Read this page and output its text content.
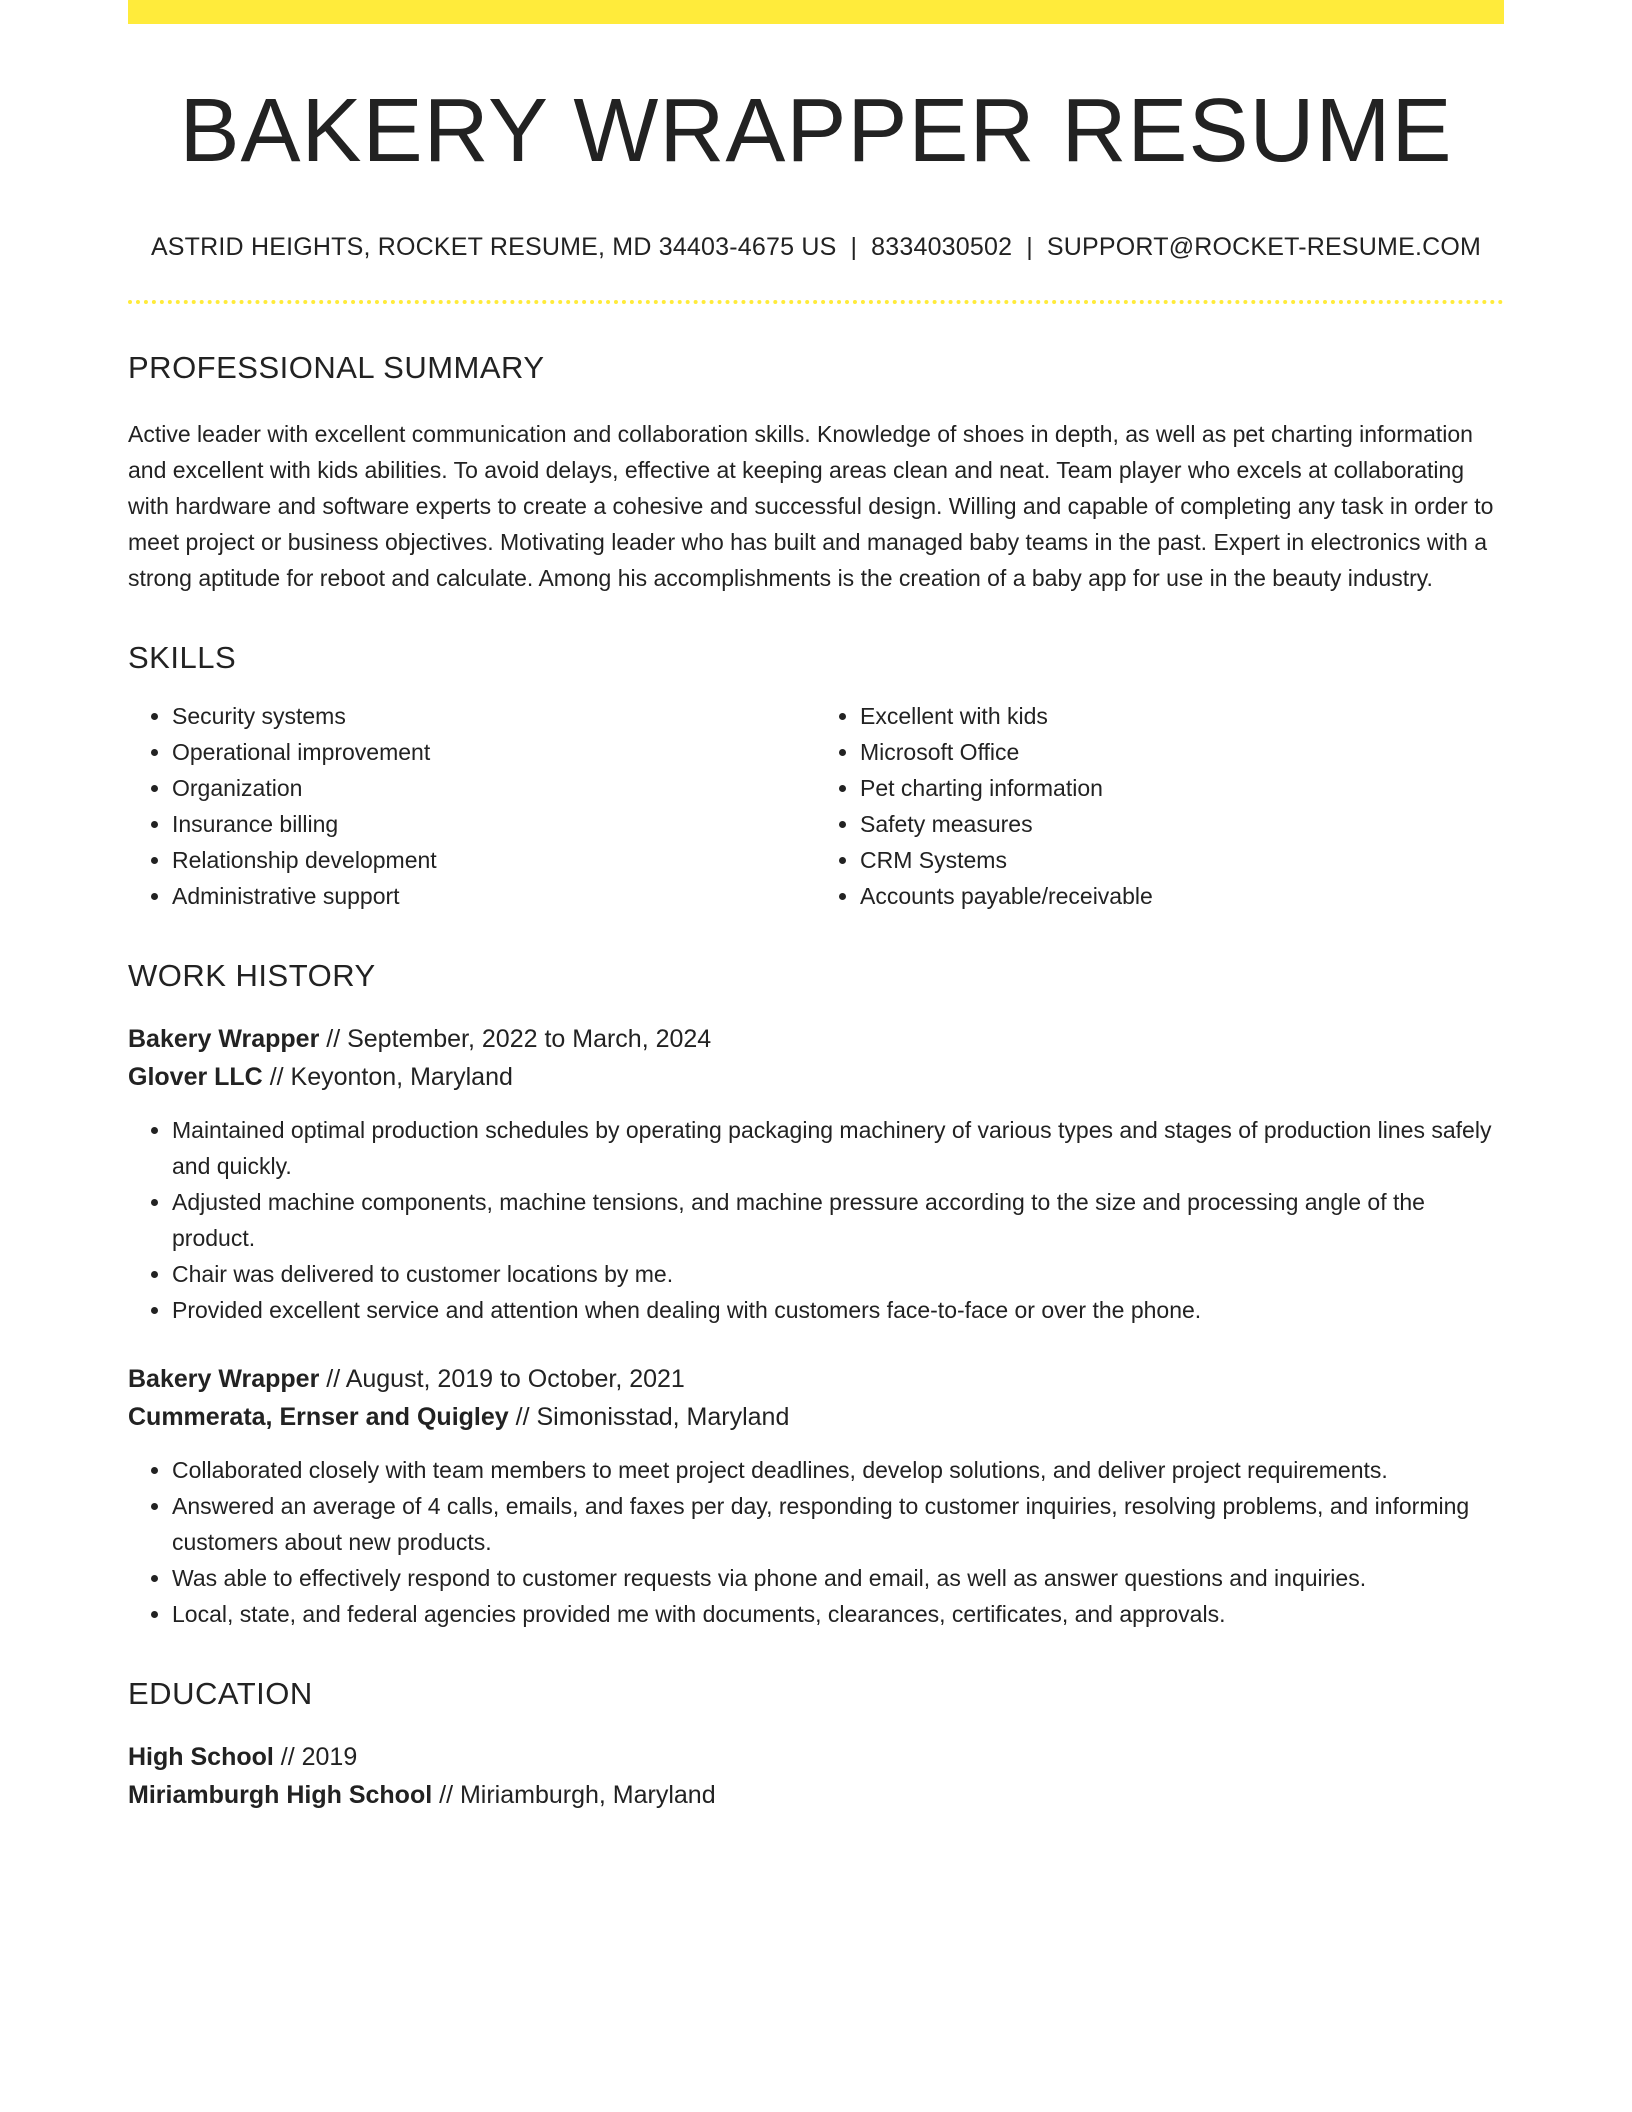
BAKERY WRAPPER RESUME
ASTRID HEIGHTS, ROCKET RESUME, MD 34403-4675 US | 8334030502 | SUPPORT@ROCKET-RESUME.COM
PROFESSIONAL SUMMARY

Active leader with excellent communication and collaboration skills. Knowledge of shoes in depth, as well as pet charting information and excellent with kids abilities. To avoid delays, effective at keeping areas clean and neat. Team player who excels at collaborating with hardware and software experts to create a cohesive and successful design. Willing and capable of completing any task in order to meet project or business objectives. Motivating leader who has built and managed baby teams in the past. Expert in electronics with a strong aptitude for reboot and calculate. Among his accomplishments is the creation of a baby app for use in the beauty industry.

SKILLS
• Security systems
• Operational improvement
• Organization
• Insurance billing
• Relationship development
• Administrative support
• Excellent with kids
• Microsoft Office
• Pet charting information
• Safety measures
• CRM Systems
• Accounts payable/receivable
WORK HISTORY
Bakery Wrapper // September, 2022 to March, 2024
Glover LLC // Keyonton, Maryland
• Maintained optimal production schedules by operating packaging machinery of various types and stages of production lines safely and quickly.
• Adjusted machine components, machine tensions, and machine pressure according to the size and processing angle of the product.
• Chair was delivered to customer locations by me.
• Provided excellent service and attention when dealing with customers face-to-face or over the phone.
Bakery Wrapper // August, 2019 to October, 2021
Cummerata, Ernser and Quigley // Simonisstad, Maryland
• Collaborated closely with team members to meet project deadlines, develop solutions, and deliver project requirements.
• Answered an average of 4 calls, emails, and faxes per day, responding to customer inquiries, resolving problems, and informing customers about new products.
• Was able to effectively respond to customer requests via phone and email, as well as answer questions and inquiries.
• Local, state, and federal agencies provided me with documents, clearances, certificates, and approvals.
EDUCATION
High School // 2019
Miriamburgh High School // Miriamburgh, Maryland
